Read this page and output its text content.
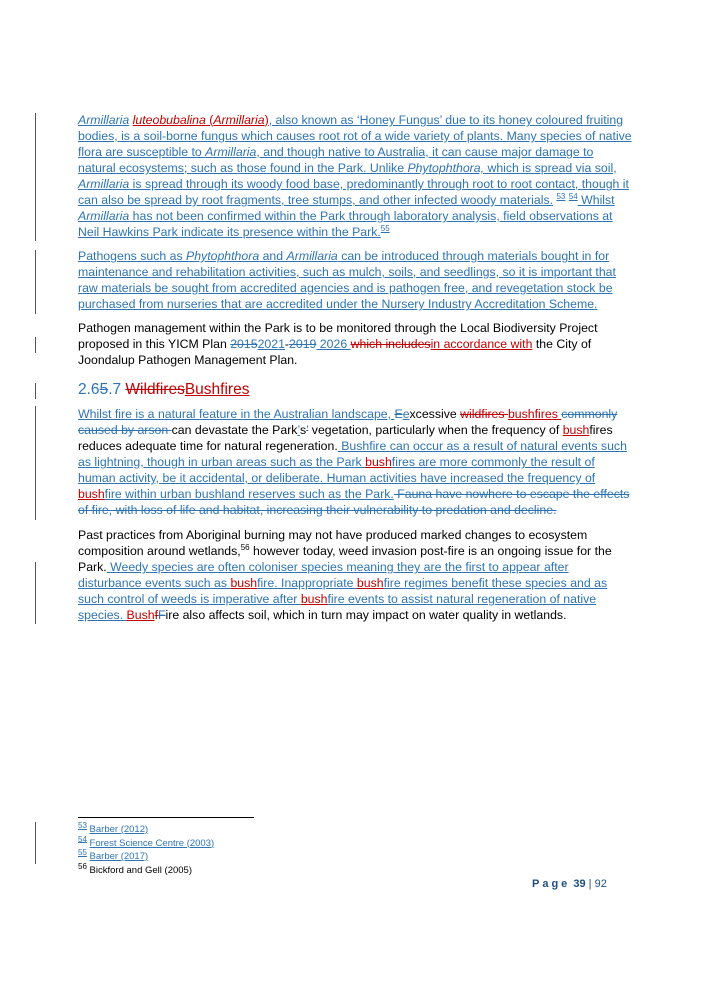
Armillaria luteobubalina (Armillaria), also known as ‘Honey Fungus’ due to its honey coloured fruiting bodies, is a soil-borne fungus which causes root rot of a wide variety of plants. Many species of native flora are susceptible to Armillaria, and though native to Australia, it can cause major damage to natural ecosystems; such as those found in the Park. Unlike Phytophthora, which is spread via soil, Armillaria is spread through its woody food base, predominantly through root to root contact, though it can also be spread by root fragments, tree stumps, and other infected woody materials. $^{53}$ $^{54}$ Whilst Armillaria has not been confirmed within the Park through laboratory analysis, field observations at Neil Hawkins Park indicate its presence within the Park.$^{55}$

Pathogens such as Phytophthora and Armillaria can be introduced through materials bought in for maintenance and rehabilitation activities, such as mulch, soils, and seedlings, so it is important that raw materials be sought from accredited agencies and is pathogen free, and revegetation stock be purchased from nurseries that are accredited under the Nursery Industry Accreditation Scheme.

Pathogen management within the Park is to be monitored through the Local Biodiversity Project proposed in this YICM Plan 20152021-2019 2026 which includesin accordance with the City of Joondalup Pathogen Management Plan.

2.65.7 WildfiresBushfires

Whilst fire is a natural feature in the Australian landscape, Eexcessive wildfires bushfires commonly caused by arson can devastate the Park’s’ vegetation, particularly when the frequency of bushfires reduces adequate time for natural regeneration. Bushfire can occur as a result of natural events such as lightning, though in urban areas such as the Park bushfires are more commonly the result of human activity, be it accidental, or deliberate. Human activities have increased the frequency of bushfire within urban bushland reserves such as the Park. Fauna have nowhere to escape the effects of fire, with loss of life and habitat, increasing their vulnerability to predation and decline.

Past practices from Aboriginal burning may not have produced marked changes to ecosystem composition around wetlands,$^{56}$ however today, weed invasion post-fire is an ongoing issue for the Park. Weedy species are often coloniser species meaning they are the first to appear after disturbance events such as bushfire. Inappropriate bushfire regimes benefit these species and as such control of weeds is imperative after bushfire events to assist natural regeneration of native species. BushfFire also affects soil, which in turn may impact on water quality in wetlands.

$^{53}$ Barber (2012)
$^{54}$ Forest Science Centre (2003)
$^{55}$ Barber (2017)
$^{56}$ Bickford and Gell (2005)
Page 39 | 92
